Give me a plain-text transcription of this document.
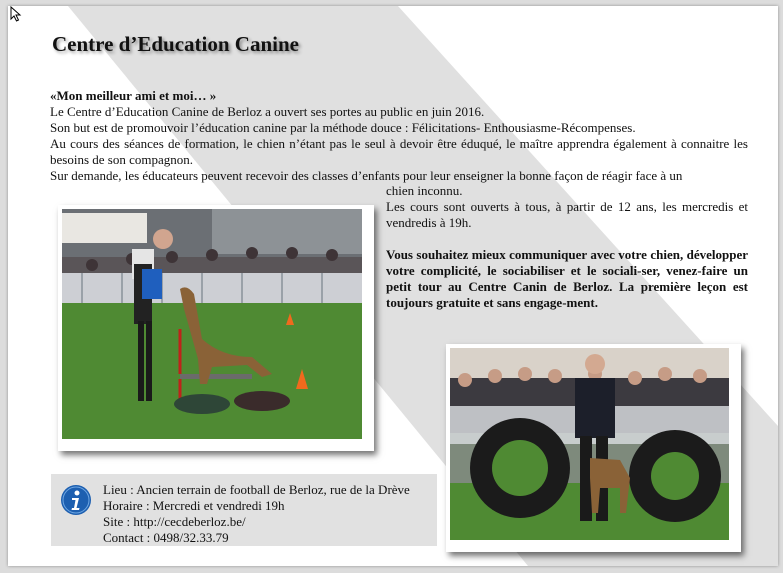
Centre d’Education Canine

«Mon meilleur ami et moi… »

Le Centre d’Education Canine de Berloz a ouvert ses portes au public en juin 2016.

Son but est de promouvoir l’éducation canine par la méthode douce : Félicitations- Enthousiasme-Récompenses.

Au cours des séances de formation, le chien n’étant pas le seul à devoir être éduqué, le maître apprendra également à connaitre les besoins de son compagnon.

Sur demande, les éducateurs peuvent recevoir des classes d’enfants pour leur enseigner la bonne façon de réagir face à un

chien inconnu.

Les cours sont ouverts à tous, à partir de 12 ans, les mercredis et vendredis à 19h.

Vous souhaitez mieux communiquer avec votre chien, développer votre complicité, le sociabiliser et le sociali-ser, venez-faire un petit tour au Centre Canin de Berloz. La première leçon est toujours gratuite et sans engage-ment.

Lieu : Ancien terrain de football de Berloz, rue de la Drève
Horaire : Mercredi et vendredi 19h
Site : http://cecdeberloz.be/
Contact : 0498/32.33.79
